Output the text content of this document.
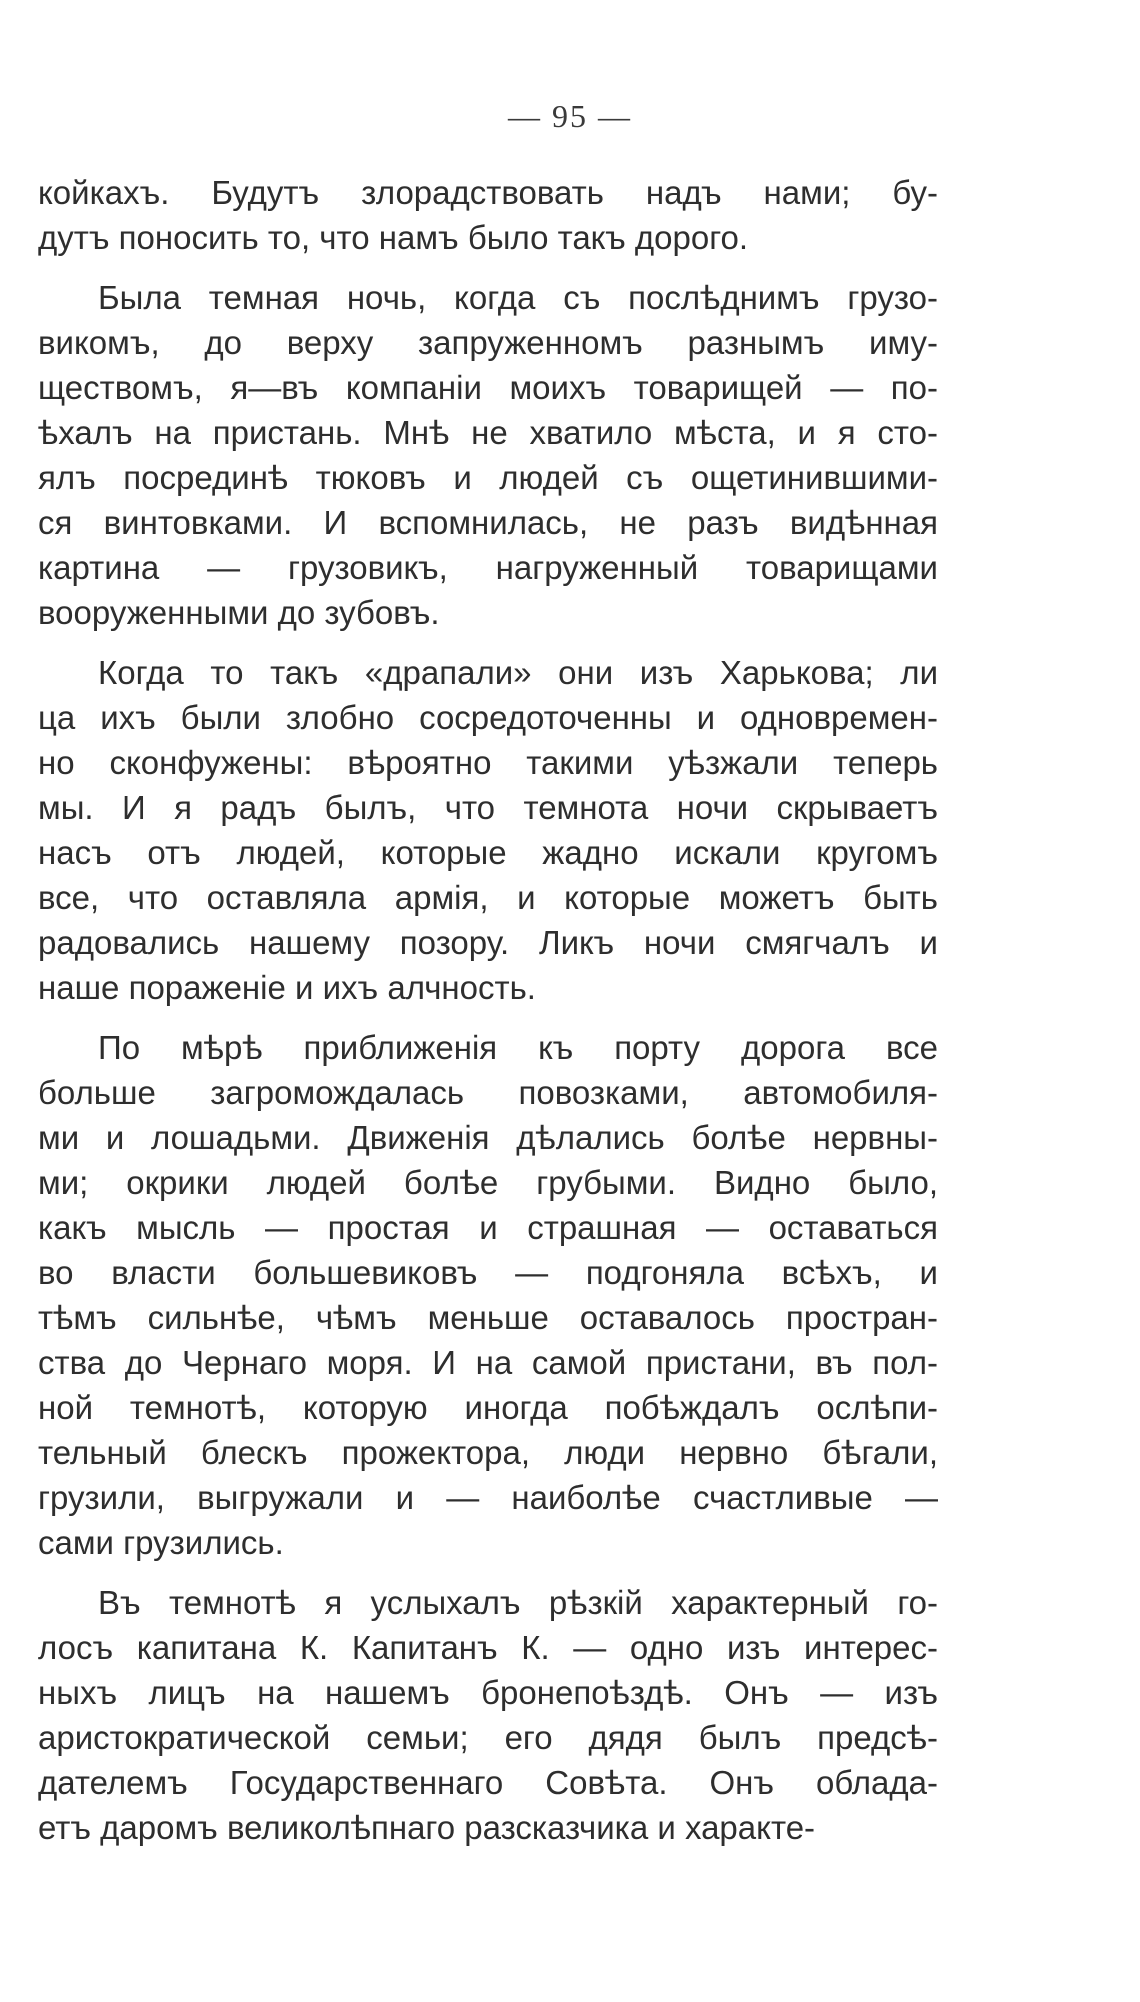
— 95 —
койкахъ. Будутъ злорадствовать надъ нами; бу-
дутъ поносить то, что намъ было такъ дорого.
Была темная ночь, когда съ послѣднимъ грузо-
викомъ, до верху запруженномъ разнымъ иму-
ществомъ, я—въ компаніи моихъ товарищей — по-
ѣхалъ на пристань. Мнѣ не хватило мѣста, и я сто-
ялъ посрединѣ тюковъ и людей съ ощетинившими-
ся винтовками. И вспомнилась, не разъ видѣнная
картина — грузовикъ, нагруженный товарищами
вооруженными до зубовъ.
Когда то такъ «драпали» они изъ Харькова; ли
ца ихъ были злобно сосредоточенны и одновремен-
но сконфужены: вѣроятно такими уѣзжали теперь
мы. И я радъ былъ, что темнота ночи скрываетъ
насъ отъ людей, которые жадно искали кругомъ
все, что оставляла армія, и которые можетъ быть
радовались нашему позору. Ликъ ночи смягчалъ и
наше пораженіе и ихъ алчность.
По мѣрѣ приближенія къ порту дорога все
больше загромождалась повозками, автомобиля-
ми и лошадьми. Движенія дѣлались болѣе нервны-
ми; окрики людей болѣе грубыми. Видно было,
какъ мысль — простая и страшная — оставаться
во власти большевиковъ — подгоняла всѣхъ, и
тѣмъ сильнѣе, чѣмъ меньше оставалось простран-
ства до Чернаго моря. И на самой пристани, въ пол-
ной темнотѣ, которую иногда побѣждалъ ослѣпи-
тельный блескъ прожектора, люди нервно бѣгали,
грузили, выгружали и — наиболѣе счастливые —
сами грузились.
Въ темнотѣ я услыхалъ рѣзкій характерный го-
лосъ капитана К. Капитанъ К. — одно изъ интерес-
ныхъ лицъ на нашемъ бронепоѣздѣ. Онъ — изъ
аристократической семьи; его дядя былъ предсѣ-
дателемъ Государственнаго Совѣта. Онъ облада-
етъ даромъ великолѣпнаго разсказчика и характе-
